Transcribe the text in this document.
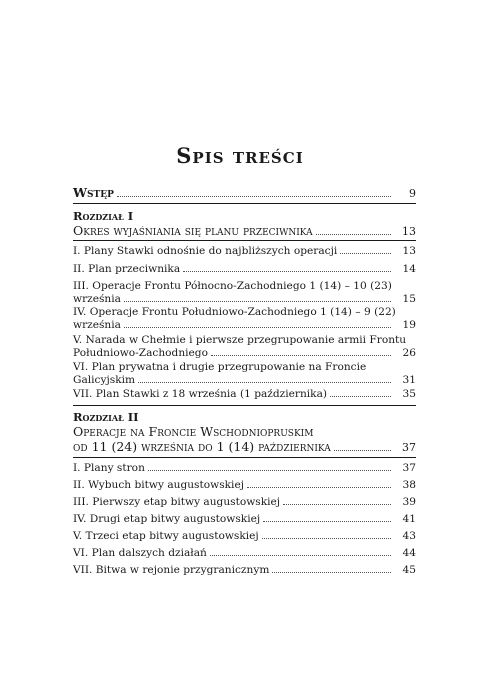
Spis treści
Wstęp	9
Rozdział I
Okres wyjaśniania się planu przeciwnika	13
I. Plany Stawki odnośnie do najbliższych operacji	13
II. Plan przeciwnika	14
III. Operacje Frontu Północno-Zachodniego 1 (14) – 10 (23)
września	15
IV. Operacje Frontu Południowo-Zachodniego 1 (14) – 9 (22)
września	19
V. Narada w Chełmie i pierwsze przegrupowanie armii Frontu
Południowo-Zachodniego	26
VI. Plan prywatna i drugie przegrupowanie na Froncie
Galicyjskim	31
VII. Plan Stawki z 18 września (1 października)	35
Rozdział II
Operacje na Froncie Wschodniopruskim
od 11 (24) września do 1 (14) października	37
I. Plany stron	37
II. Wybuch bitwy augustowskiej	38
III. Pierwszy etap bitwy augustowskiej	39
IV. Drugi etap bitwy augustowskiej	41
V. Trzeci etap bitwy augustowskiej	43
VI. Plan dalszych działań	44
VII. Bitwa w rejonie przygranicznym	45
